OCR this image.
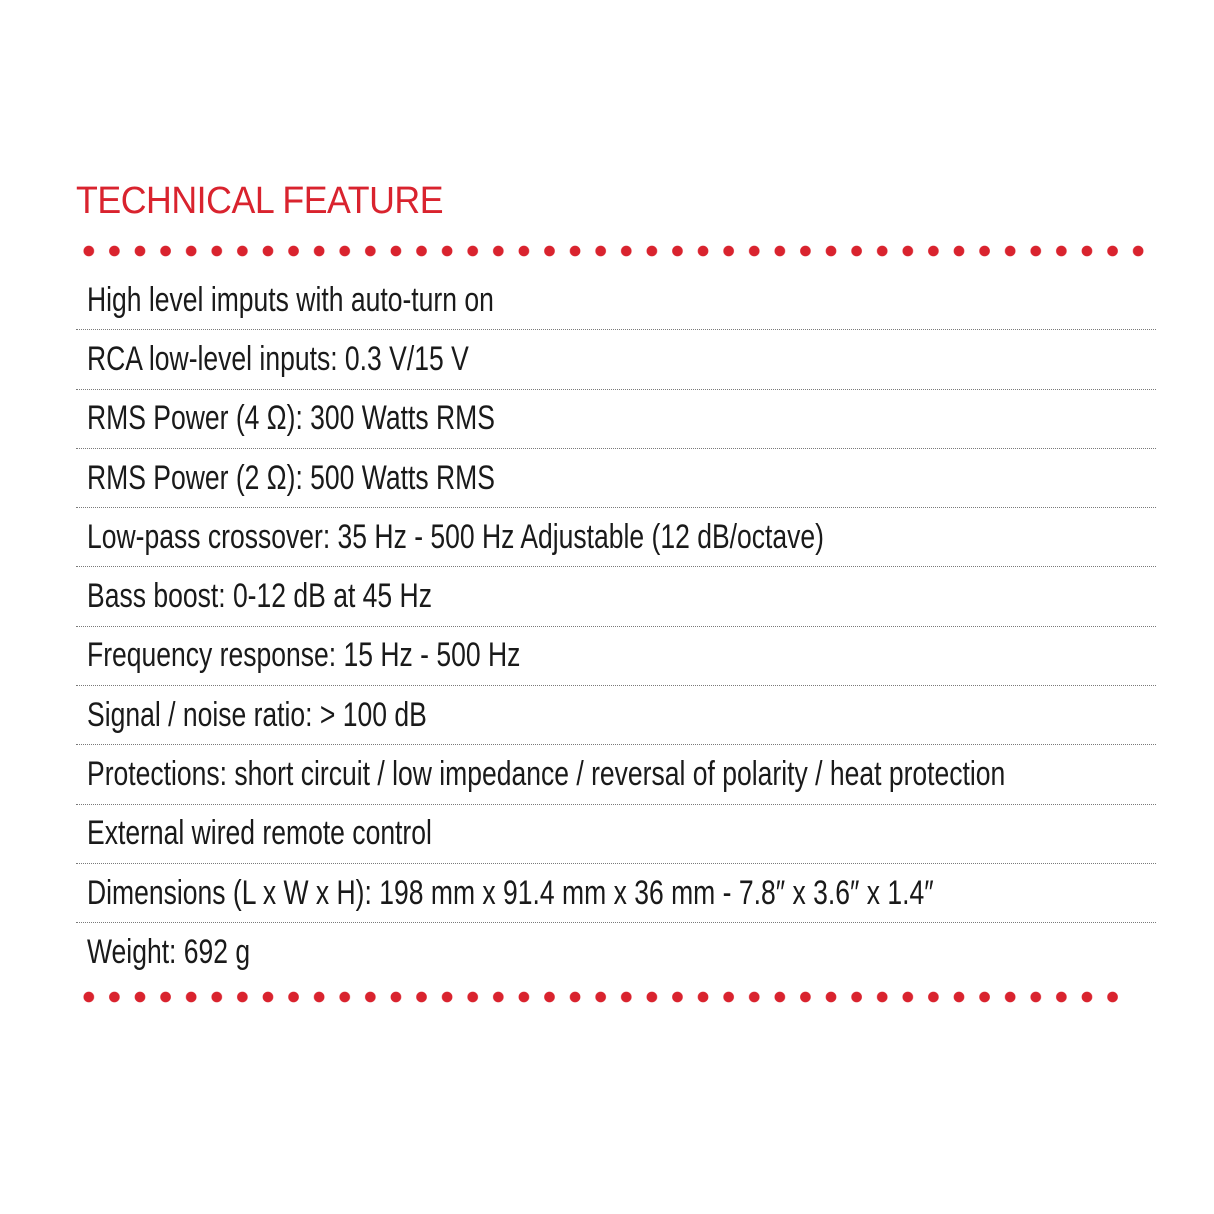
TECHNICAL FEATURE
High level imputs with auto-turn on
RCA low-level inputs: 0.3 V/15 V
RMS Power (4 Ω): 300 Watts RMS
RMS Power (2 Ω): 500 Watts RMS
Low-pass crossover: 35 Hz - 500 Hz Adjustable (12 dB/octave)
Bass boost: 0-12 dB at 45 Hz
Frequency response: 15 Hz - 500 Hz
Signal / noise ratio: > 100 dB
Protections: short circuit / low impedance / reversal of polarity / heat protection
External wired remote control
Dimensions (L x W x H): 198 mm x 91.4 mm x 36 mm - 7.8″ x 3.6″ x 1.4″
Weight: 692 g
